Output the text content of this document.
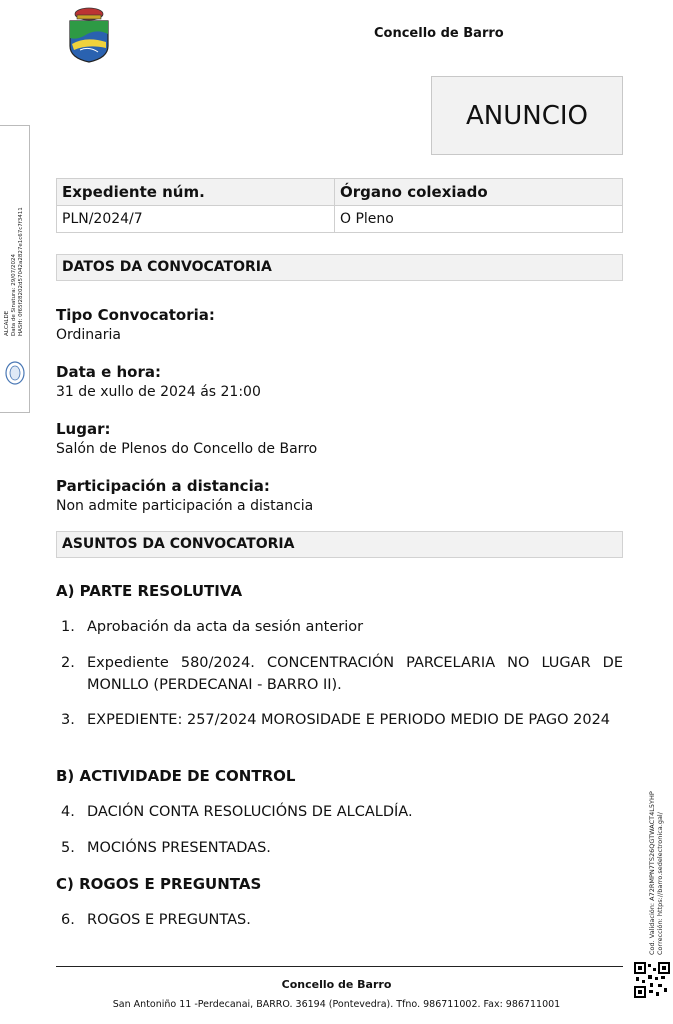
Concello de Barro
ANUNCIO
Expediente núm.	Órgano colexiado
PLN/2024/7	O Pleno
DATOS DA CONVOCATORIA
Tipo Convocatoria:
Ordinaria
Data e hora:
31 de xullo de 2024 ás 21:00
Lugar:
Salón de Plenos do Concello de Barro
Participación a distancia:
Non admite participación a distancia
ASUNTOS DA CONVOCATORIA
A) PARTE RESOLUTIVA
1. Aprobación da acta da sesión anterior
2. Expediente 580/2024. CONCENTRACIÓN PARCELARIA NO LUGAR DE MONLLO (PERDECANAI - BARRO II).
3. EXPEDIENTE: 257/2024 MOROSIDADE E PERIODO MEDIO DE PAGO 2024
B) ACTIVIDADE DE CONTROL
4. DACIÓN CONTA RESOLUCIÓNS DE ALCALDÍA.
5. MOCIÓNS PRESENTADAS.
C) ROGOS E PREGUNTAS
6. ROGOS E PREGUNTAS.
Concello de Barro
San Antoniño 11 -Perdecanai, BARRO. 36194 (Pontevedra). Tfno. 986711002. Fax: 986711001
ALCALDE Data de Sinatura: 29/07/2024 HASH: 0f65f28202d57042a2827e1c67c7f3411
Cod. Validación: A72RMPN7TS26QGTWACT4L5YHP Corrección: https://barro.sedelectronica.gal/
